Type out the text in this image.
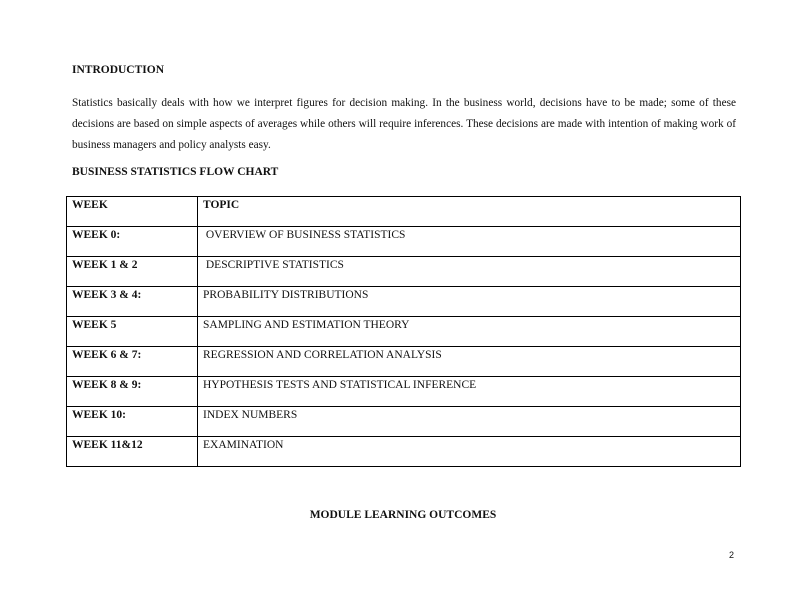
INTRODUCTION
Statistics basically deals with how we interpret figures for decision making. In the business world, decisions have to be made; some of these decisions are based on simple aspects of averages while others will require inferences. These decisions are made with intention of making work of business managers and policy analysts easy.
BUSINESS STATISTICS FLOW CHART
WEEK	TOPIC
WEEK 0:	OVERVIEW OF BUSINESS STATISTICS
WEEK 1 & 2	DESCRIPTIVE STATISTICS
WEEK 3 & 4:	PROBABILITY DISTRIBUTIONS
WEEK 5	SAMPLING AND ESTIMATION THEORY
WEEK 6 & 7:	REGRESSION AND CORRELATION ANALYSIS
WEEK 8 & 9:	HYPOTHESIS TESTS AND STATISTICAL INFERENCE
WEEK 10:	INDEX NUMBERS
WEEK 11&12	EXAMINATION
MODULE LEARNING OUTCOMES
2
